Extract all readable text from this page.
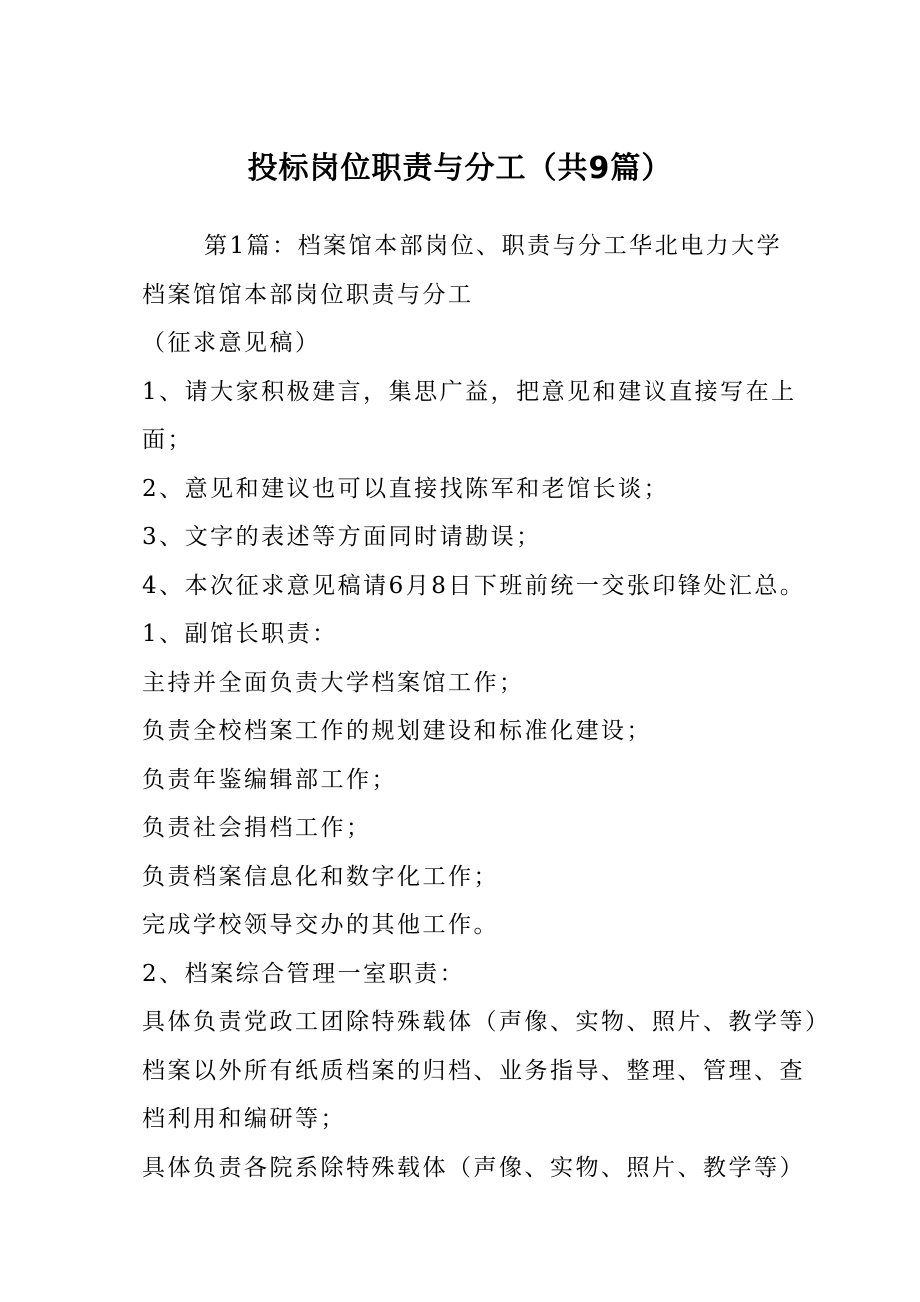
投标岗位职责与分工（共9篇）
第1篇：档案馆本部岗位、职责与分工华北电力大学
档案馆馆本部岗位职责与分工
（征求意见稿）
1、请大家积极建言，集思广益，把意见和建议直接写在上
面；
2、意见和建议也可以直接找陈军和老馆长谈；
3、文字的表述等方面同时请勘误；
4、本次征求意见稿请6月8日下班前统一交张印锋处汇总。
1、副馆长职责：
主持并全面负责大学档案馆工作；
负责全校档案工作的规划建设和标准化建设；
负责年鉴编辑部工作；
负责社会捐档工作；
负责档案信息化和数字化工作；
完成学校领导交办的其他工作。
2、档案综合管理一室职责：
具体负责党政工团除特殊载体（声像、实物、照片、教学等）
档案以外所有纸质档案的归档、业务指导、整理、管理、查
档利用和编研等；
具体负责各院系除特殊载体（声像、实物、照片、教学等）
